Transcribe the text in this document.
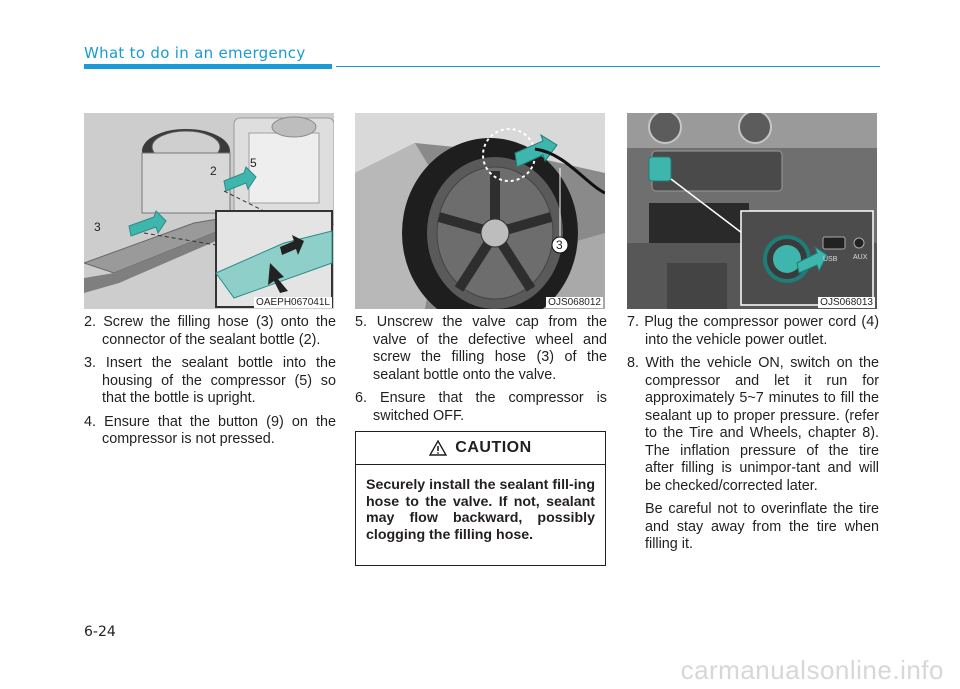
What to do in an emergency
3
5
2
OAEPH067041L
3
OJS068012
USB AUX
OJS068013

2. Screw the filling hose (3) onto the connector of the sealant bottle (2).

3. Insert the sealant bottle into the housing of the compressor (5) so that the bottle is upright.

4. Ensure that the button (9) on the compressor is not pressed.

5. Unscrew the valve cap from the valve of the defective wheel and screw the filling hose (3) of the sealant bottle onto the valve.

6. Ensure that the compressor is switched OFF.

7. Plug the compressor power cord (4) into the vehicle power outlet.

8. With the vehicle ON, switch on the compressor and let it run for approximately 5~7 minutes to fill the sealant up to proper pressure. (refer to the Tire and Wheels, chapter 8). The inflation pressure of the tire after filling is unimpor-tant and will be checked/corrected later.

Be careful not to overinflate the tire and stay away from the tire when filling it.

CAUTION
Securely install the sealant fill-ing hose to the valve. If not, sealant may flow backward, possibly clogging the filling hose.
6-24
carmanualsonline.info
